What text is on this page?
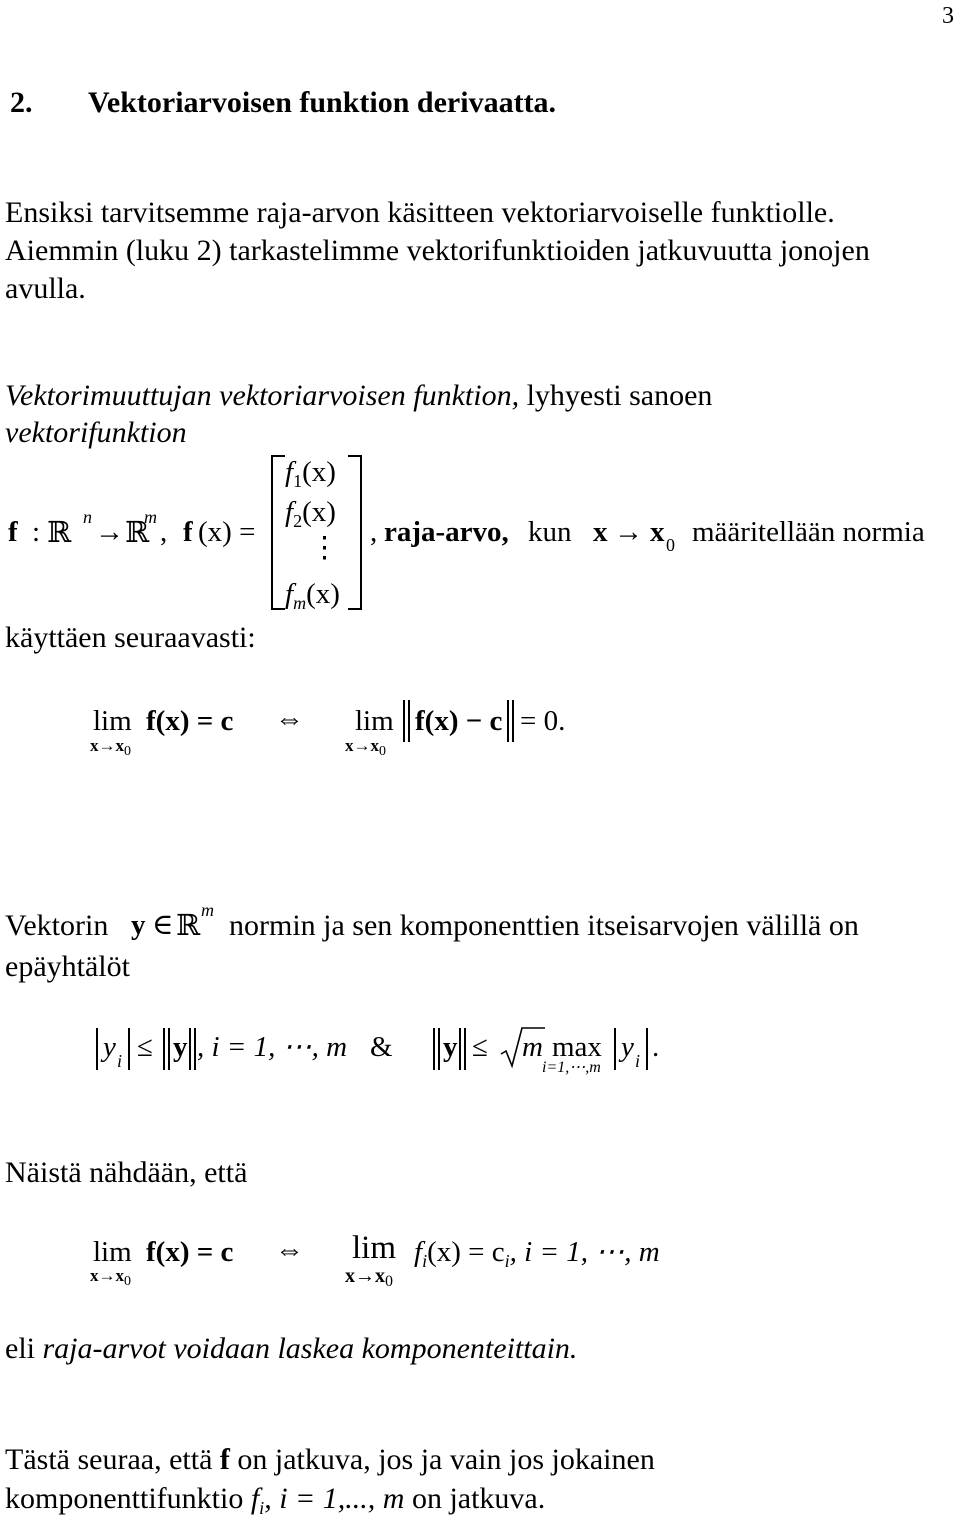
3
2. Vektoriarvoisen funktion derivaatta.
Ensiksi tarvitsemme raja-arvon käsitteen vektoriarvoiselle funktiolle.
Aiemmin (luku 2) tarkastelimme vektorifunktioiden jatkuvuutta jonojen
avulla.
Vektorimuuttujan vektoriarvoisen funktion, lyhyesti sanoen
vektorifunktion
f : ℝ n → ℝ
m , f (x) =
$f_1(x)$
$f_2(x)$
⋮
$f_m(x)$
, raja-arvo, kun x → x 0 määritellään normia
käyttäen seuraavasti:
lim
$x\to x_0$
f(x) = c ⇔ lim
$x\to x_0$
f(x) − c = 0.
Vektorin y ∈ ℝ m normin ja sen komponenttien itseisarvojen välillä on
epäyhtälöt
y i ≤ y , i = 1, ⋯, m & y ≤ m max
i=1,⋯,m
y i .
Näistä nähdään, että
lim
$x\to x_0$
f(x) = c ⇔ lim
$x\to x_0$
$f_i(x) = c_i$, i = 1, ⋯, m
eli raja-arvot voidaan laskea komponenteittain.
Tästä seuraa, että f on jatkuva, jos ja vain jos jokainen
komponenttifunktio $f_i$, i = 1,..., m on jatkuva.
